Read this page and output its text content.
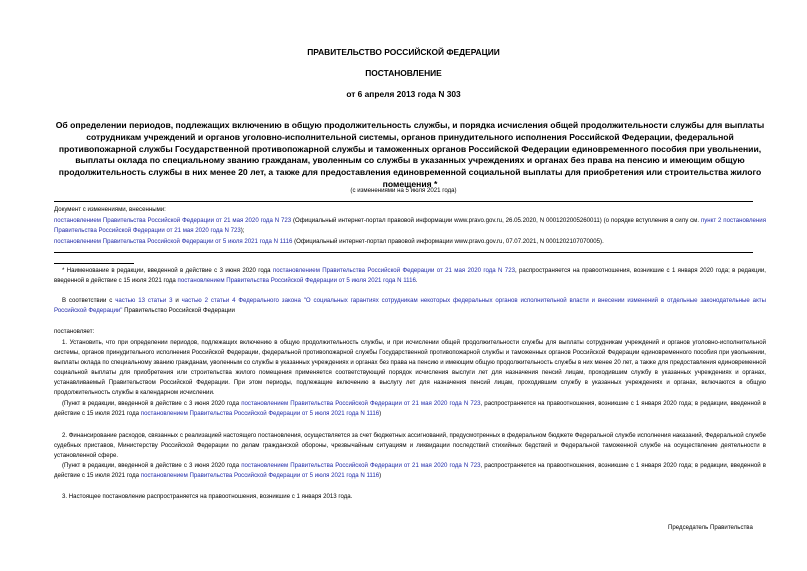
ПРАВИТЕЛЬСТВО РОССИЙСКОЙ ФЕДЕРАЦИИ
ПОСТАНОВЛЕНИЕ
от 6 апреля 2013 года N 303
Об определении периодов, подлежащих включению в общую продолжительность службы, и порядка исчисления общей продолжительности службы для выплаты сотрудникам учреждений и органов уголовно-исполнительной системы, органов принудительного исполнения Российской Федерации, федеральной противопожарной службы Государственной противопожарной службы и таможенных органов Российской Федерации единовременного пособия при увольнении, выплаты оклада по специальному званию гражданам, уволенным со службы в указанных учреждениях и органах без права на пенсию и имеющим общую продолжительность службы в них менее 20 лет, а также для предоставления единовременной социальной выплаты для приобретения или строительства жилого помещения *
(с изменениями на 5 июля 2021 года)
Документ с изменениями, внесенными:
постановлением Правительства Российской Федерации от 21 мая 2020 года N 723 (Официальный интернет-портал правовой информации www.pravo.gov.ru, 26.05.2020, N 0001202005260011) (о порядке вступления в силу см. пункт 2 постановления Правительства Российской Федерации от 21 мая 2020 года N 723);
постановлением Правительства Российской Федерации от 5 июля 2021 года N 1116 (Официальный интернет-портал правовой информации www.pravo.gov.ru, 07.07.2021, N 0001202107070005).
* Наименование в редакции, введенной в действие с 3 июня 2020 года постановлением Правительства Российской Федерации от 21 мая 2020 года N 723, распространяется на правоотношения, возникшие с 1 января 2020 года; в редакции, введенной в действие с 15 июля 2021 года постановлением Правительства Российской Федерации от 5 июля 2021 года N 1116.
В соответствии с частью 13 статьи 3 и частью 2 статьи 4 Федерального закона "О социальных гарантиях сотрудникам некоторых федеральных органов исполнительной власти и внесении изменений в отдельные законодательные акты Российской Федерации" Правительство Российской Федерации
постановляет:
1. Установить, что при определении периодов, подлежащих включению в общую продолжительность службы, и при исчислении общей продолжительности службы для выплаты сотрудникам учреждений и органов уголовно-исполнительной системы, органов принудительного исполнения Российской Федерации, федеральной противопожарной службы Государственной противопожарной службы и таможенных органов Российской Федерации единовременного пособия при увольнении, выплаты оклада по специальному званию гражданам, уволенным со службы в указанных учреждениях и органах без права на пенсию и имеющим общую продолжительность службы в них менее 20 лет, а также для предоставления единовременной социальной выплаты для приобретения или строительства жилого помещения применяется соответствующий порядок исчисления выслуги лет для назначения пенсий лицам, проходившим службу в указанных учреждениях и органах, устанавливаемый Правительством Российской Федерации. При этом периоды, подлежащие включению в выслугу лет для назначения пенсий лицам, проходившим службу в указанных учреждениях и органах, включаются в общую продолжительность службы в календарном исчислении.
(Пункт в редакции, введенной в действие с 3 июня 2020 года постановлением Правительства Российской Федерации от 21 мая 2020 года N 723, распространяется на правоотношения, возникшие с 1 января 2020 года; в редакции, введенной в действие с 15 июля 2021 года постановлением Правительства Российской Федерации от 5 июля 2021 года N 1116)
2. Финансирование расходов, связанных с реализацией настоящего постановления, осуществляется за счет бюджетных ассигнований, предусмотренных в федеральном бюджете Федеральной службе исполнения наказаний, Федеральной службе судебных приставов, Министерству Российской Федерации по делам гражданской обороны, чрезвычайным ситуациям и ликвидации последствий стихийных бедствий и Федеральной таможенной службе на осуществление деятельности в установленной сфере.
(Пункт в редакции, введенной в действие с 3 июня 2020 года постановлением Правительства Российской Федерации от 21 мая 2020 года N 723, распространяется на правоотношения, возникшие с 1 января 2020 года; в редакции, введенной в действие с 15 июля 2021 года постановлением Правительства Российской Федерации от 5 июля 2021 года N 1116)
3. Настоящее постановление распространяется на правоотношения, возникшие с 1 января 2013 года.
Председатель Правительства
